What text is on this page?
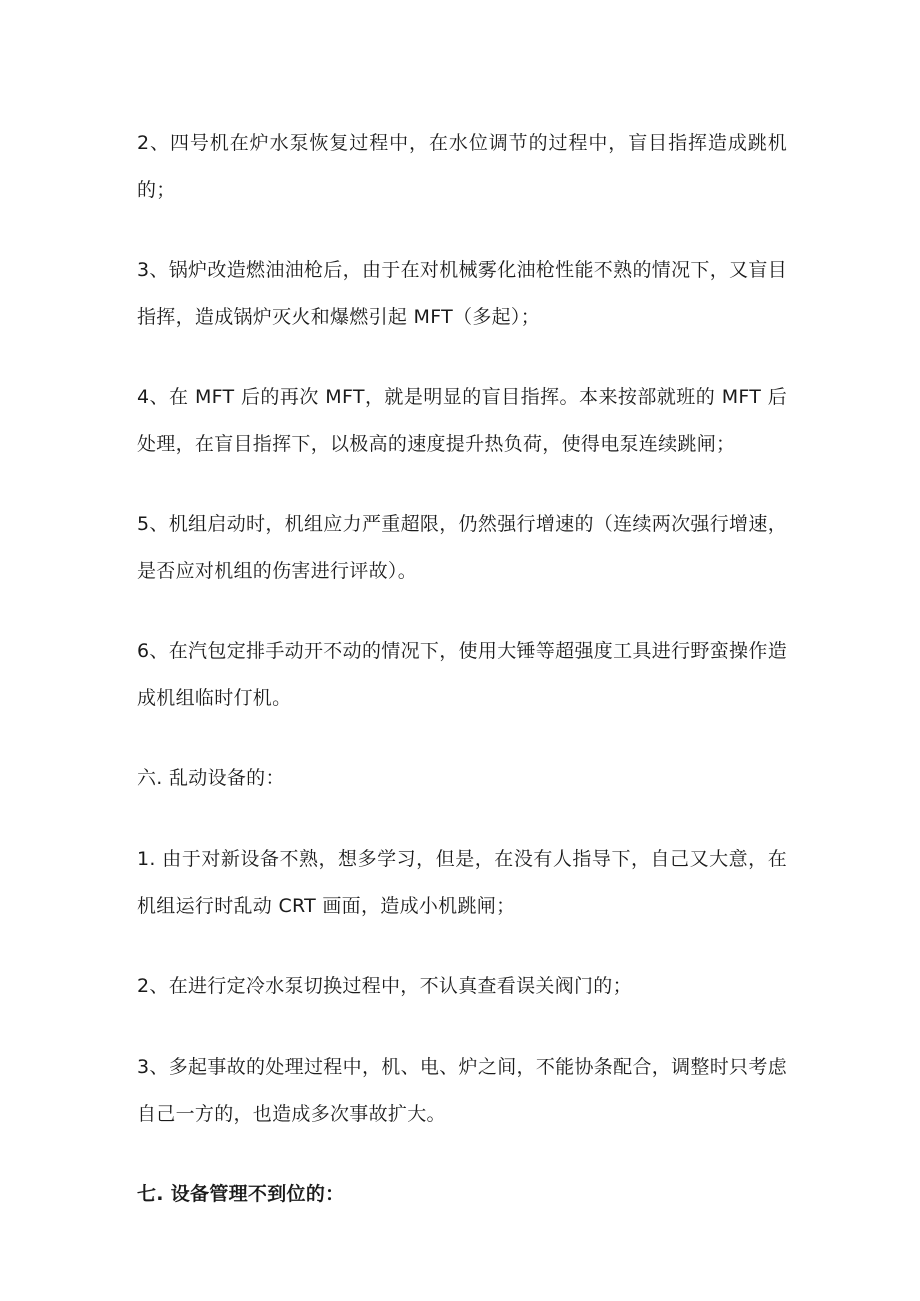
2、四号机在炉水泵恢复过程中，在水位调节的过程中，盲目指挥造成跳机的；

3、锅炉改造燃油油枪后，由于在对机械雾化油枪性能不熟的情况下，又盲目指挥，造成锅炉灭火和爆燃引起 MFT（多起）；

4、在 MFT 后的再次 MFT，就是明显的盲目指挥。本来按部就班的 MFT 后处理，在盲目指挥下，以极高的速度提升热负荷，使得电泵连续跳闸；

5、机组启动时，机组应力严重超限，仍然强行增速的（连续两次强行增速，是否应对机组的伤害进行评故）。

6、在汽包定排手动开不动的情况下，使用大锤等超强度工具进行野蛮操作造成机组临时仃机。

六. 乱动设备的：

1. 由于对新设备不熟，想多学习，但是，在没有人指导下，自己又大意，在机组运行时乱动 CRT 画面，造成小机跳闸；

2、在进行定冷水泵切换过程中，不认真查看误关阀门的；

3、多起事故的处理过程中，机、电、炉之间，不能协条配合，调整时只考虑自己一方的，也造成多次事故扩大。

七. 设备管理不到位的：
